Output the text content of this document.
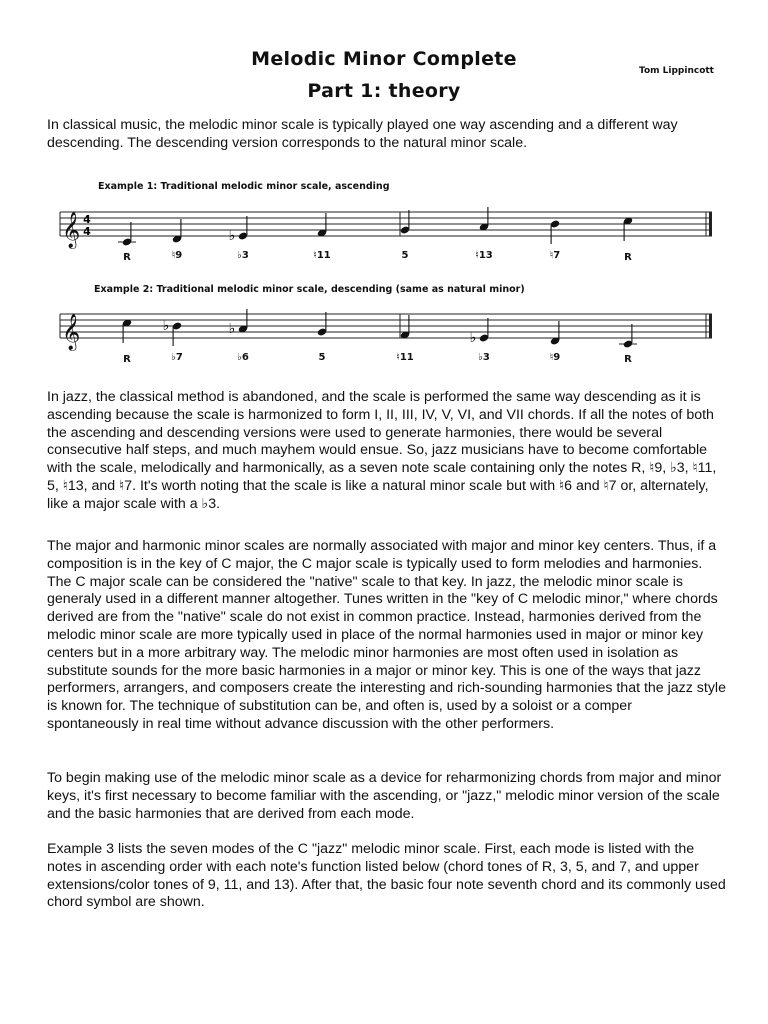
Melodic Minor Complete
Part 1: theory
Tom Lippincott

In classical music, the melodic minor scale is typically played one way ascending and a different way descending. The descending version corresponds to the natural minor scale.

Example 1: Traditional melodic minor scale, ascending
𝄞 4
4
R	♮9
♭
♭3	♮11	5	♮13	♮7	R
Example 2: Traditional melodic minor scale, descending (same as natural minor)
𝄞
R
♭
♭7
♭
♭6	5	♮11
♭
♭3	♮9	R

In jazz, the classical method is abandoned, and the scale is performed the same way descending as it is ascending because the scale is harmonized to form I, II, III, IV, V, VI, and VII chords. If all the notes of both the ascending and descending versions were used to generate harmonies, there would be several consecutive half steps, and much mayhem would ensue. So, jazz musicians have to become comfortable with the scale, melodically and harmonically, as a seven note scale containing only the notes R, ♮9, ♭3, ♮11, 5, ♮13, and ♮7. It's worth noting that the scale is like a natural minor scale but with ♮6 and ♮7 or, alternately, like a major scale with a ♭3.

The major and harmonic minor scales are normally associated with major and minor key centers. Thus, if a composition is in the key of C major, the C major scale is typically used to form melodies and harmonies. The C major scale can be considered the "native" scale to that key. In jazz, the melodic minor scale is generaly used in a different manner altogether. Tunes written in the "key of C melodic minor," where chords derived are from the "native" scale do not exist in common practice. Instead, harmonies derived from the melodic minor scale are more typically used in place of the normal harmonies used in major or minor key centers but in a more arbitrary way. The melodic minor harmonies are most often used in isolation as substitute sounds for the more basic harmonies in a major or minor key. This is one of the ways that jazz performers, arrangers, and composers create the interesting and rich-sounding harmonies that the jazz style is known for. The technique of substitution can be, and often is, used by a soloist or a comper spontaneously in real time without advance discussion with the other performers.

To begin making use of the melodic minor scale as a device for reharmonizing chords from major and minor keys, it's first necessary to become familiar with the ascending, or "jazz," melodic minor version of the scale and the basic harmonies that are derived from each mode.

Example 3 lists the seven modes of the C "jazz" melodic minor scale. First, each mode is listed with the notes in ascending order with each note's function listed below (chord tones of R, 3, 5, and 7, and upper extensions/color tones of 9, 11, and 13). After that, the basic four note seventh chord and its commonly used chord symbol are shown.
